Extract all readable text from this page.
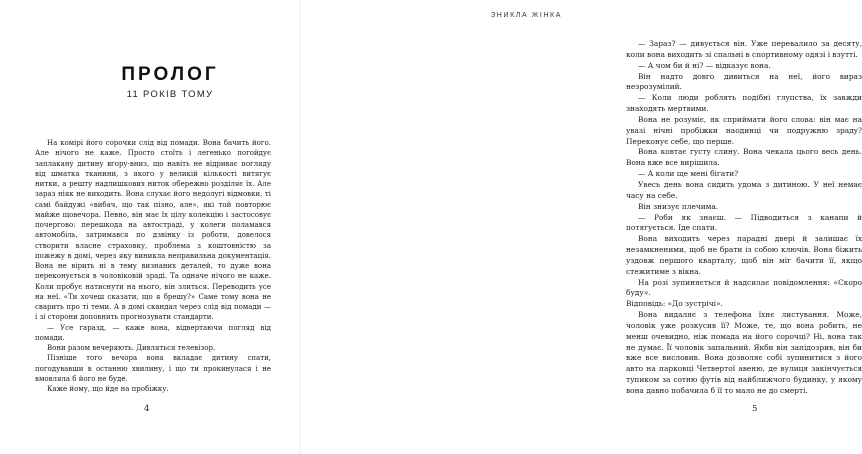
ПРОЛОГ
11 РОКІВ ТОМУ

На комірі його сорочки слід від помади. Вона бачить його. Але нічого не каже. Просто стоїть і легенько погойдує заплакану дитину вгору-вниз, що навіть не відриває погляду від шматка тканини, з якого у великій кількості витягує нитки, а решту надлишкових ниток обережно розділяє їх. Але зараз ніяк не виходить. Вона слухає його недолугі відмовки, ті самі байдужі «вибач, що так пізно, але», які той повторює майже щовечора. Певно, він має їх цілу колекцію і застосовує почергово: перешкода на автостраді, у колеги поламався автомобіль, затримався по дзвінку із роботи, довелося створити власне страховку, проблема з коштовністю за пожежу в домі, через яку виникла неправильна документація. Вона не вірить ні в тему визнаних деталей, то дуже вона переконується в чоловіковій зраді. Та одначе нічого не каже. Коли пробує натиснути на нього, він злиться. Переводить усе на неї. «Ти хочеш сказати, що я брешу?» Саме тому вона не сварить про ті теми. А в домі скандал через слід від помади — і зі сторони доповнить прогнозувати стандарти.

— Усе гаразд, — каже вона, відвертаючи погляд від помади.

Вони разом вечеряють. Дивляться телевізор.

Пізніше того вечора вона вкладає дитину спати, погодувавши в останню хвилину, і що ти прокинулася і не вмовляла б його не буде.

Каже йому, що йде на пробіжку.

4
ЗНИКЛА ЖІНКА

— Зараз? — дивується він. Уже перевалило за десяту, коли вона виходить зі спальні в спортивному одязі і взутті.

— А чом би й ні? — відказує вона.

Він надто довго дивиться на неї, його вираз незрозумілий.

— Коли люди роблять подібні глупства, їх завжди знаходять мертвими.

Вона не розуміє, як сприймати його слова: він має на увазі нічні пробіжки наодинці чи подружню зраду? Переконує себе, що перше.

Вона ковтає густу слину. Вона чекала цього весь день. Вона вже все вирішила.

— А коли ще мені бігати?

Увесь день вона сидить удома з дитиною. У неї немає часу на себе.

Він знизує плечима.

— Роби як знаєш. — Підводиться з канапи й потягується. Іде спати.

Вона виходить через парадні двері й залишає їх незамкненими, щоб не брати із собою ключів. Вона біжить уздовж першого кварталу, щоб він міг бачити її, якщо стежитиме з вікна.

На розі зупиняється й надсилає повідомлення: «Скоро буду».

Відповідь: «До зустрічі».

Вона видаляє з телефона їхнє листування. Може, чоловік уже розкусив її? Може, те, що вона робить, не менш очевидно, ніж помада на його сорочці? Ні, вона так не думає. Її чоловік запальний. Якби він запідозрив, він би вже все висловив. Вона дозволяє собі зупинитися з його авто на парковці Четвертої авеню, де вулиця закінчується тупиком за сотню футів від найближчого будинку, у якому вона давно побачила б її то мало не до смерті.

5
